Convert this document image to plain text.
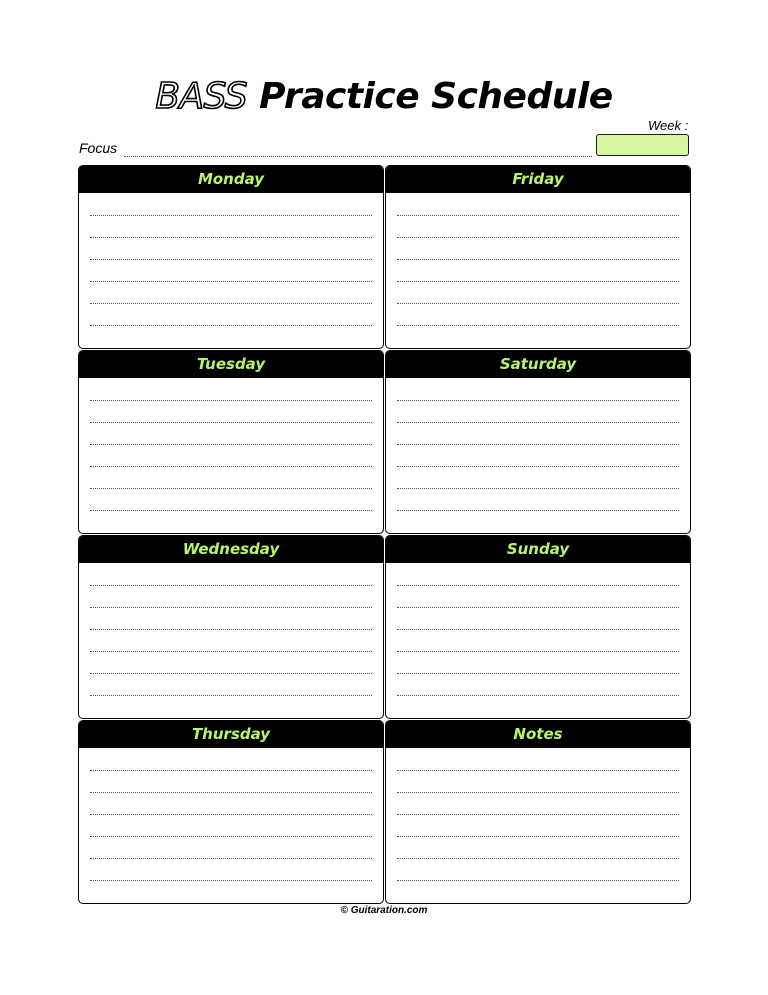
BASS Practice Schedule
Week :
Focus
Monday	Friday
Tuesday	Saturday
Wednesday	Sunday
Thursday	Notes
© Guitaration.com
